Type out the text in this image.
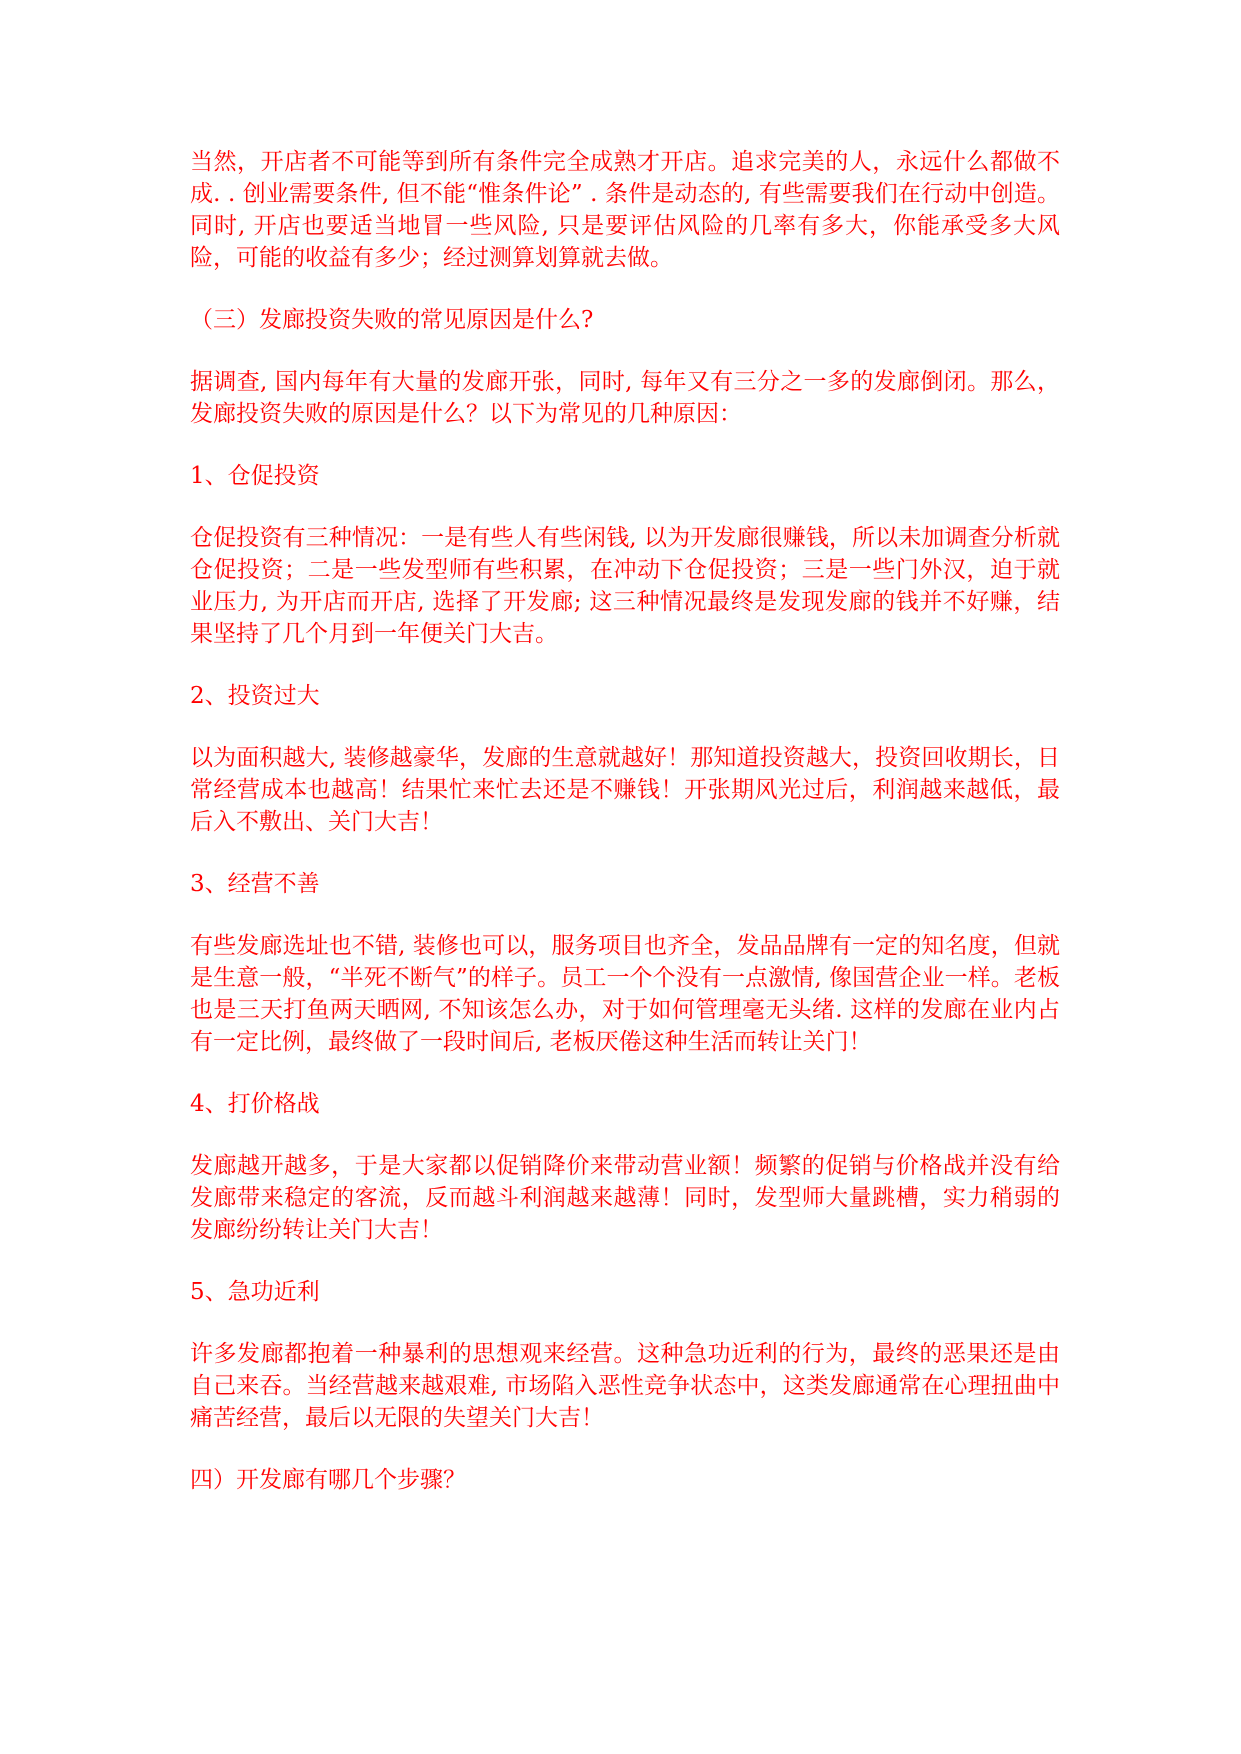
当然，开店者不可能等到所有条件完全成熟才开店。追求完美的人，永远什么都做不成. . 创业需要条件, 但不能“惟条件论” . 条件是动态的, 有些需要我们在行动中创造。同时, 开店也要适当地冒一些风险, 只是要评估风险的几率有多大，你能承受多大风险，可能的收益有多少；经过测算划算就去做。

（三）发廊投资失败的常见原因是什么?

据调查, 国内每年有大量的发廊开张，同时, 每年又有三分之一多的发廊倒闭。那么，发廊投资失败的原因是什么？以下为常见的几种原因：

1、仓促投资

仓促投资有三种情况：一是有些人有些闲钱, 以为开发廊很赚钱，所以未加调查分析就仓促投资；二是一些发型师有些积累，在冲动下仓促投资；三是一些门外汉，迫于就业压力, 为开店而开店, 选择了开发廊; 这三种情况最终是发现发廊的钱并不好赚，结果坚持了几个月到一年便关门大吉。

2、投资过大

以为面积越大, 装修越豪华，发廊的生意就越好！那知道投资越大，投资回收期长，日常经营成本也越高！结果忙来忙去还是不赚钱！开张期风光过后，利润越来越低，最后入不敷出、关门大吉！

3、经营不善

有些发廊选址也不错, 装修也可以，服务项目也齐全，发品品牌有一定的知名度，但就是生意一般，“半死不断气”的样子。员工一个个没有一点激情, 像国营企业一样。老板也是三天打鱼两天晒网, 不知该怎么办，对于如何管理毫无头绪. 这样的发廊在业内占有一定比例，最终做了一段时间后, 老板厌倦这种生活而转让关门！

4、打价格战

发廊越开越多，于是大家都以促销降价来带动营业额！频繁的促销与价格战并没有给发廊带来稳定的客流，反而越斗利润越来越薄！同时，发型师大量跳槽，实力稍弱的发廊纷纷转让关门大吉！

5、急功近利

许多发廊都抱着一种暴利的思想观来经营。这种急功近利的行为，最终的恶果还是由自己来吞。当经营越来越艰难, 市场陷入恶性竞争状态中，这类发廊通常在心理扭曲中痛苦经营，最后以无限的失望关门大吉！

四）开发廊有哪几个步骤？
